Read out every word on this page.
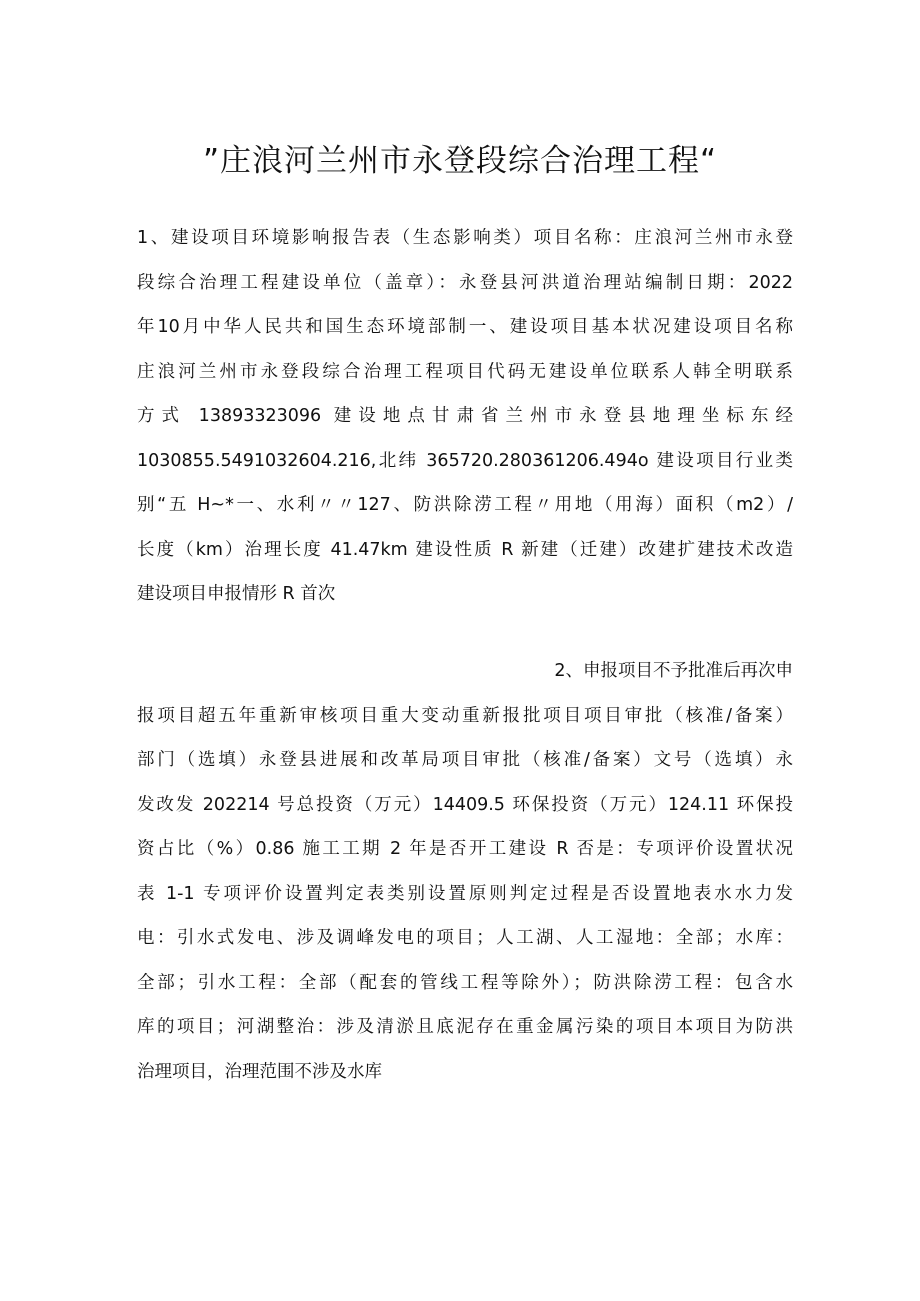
”庄浪河兰州市永登段综合治理工程“
1、建设项目环境影响报告表（生态影响类）项目名称：庄浪河兰州市永登
段综合治理工程建设单位（盖章）：永登县河洪道治理站编制日期：2022
年10月中华人民共和国生态环境部制一、建设项目基本状况建设项目名称
庄浪河兰州市永登段综合治理工程项目代码无建设单位联系人韩全明联系
方式 13893323096 建设地点甘肃省兰州市永登县地理坐标东经
1030855.5491032604.216,北纬 365720.280361206.494o 建设项目行业类
别“五 H~*一、水利〃〃127、防洪除涝工程〃用地（用海）面积（m2）/
长度（km）治理长度 41.47km 建设性质 R 新建（迁建）改建扩建技术改造
建设项目申报情形 R 首次
2、申报项目不予批准后再次申
报项目超五年重新审核项目重大变动重新报批项目项目审批（核准/备案）
部门（选填）永登县进展和改革局项目审批（核准/备案）文号（选填）永
发改发 202214 号总投资（万元）14409.5 环保投资（万元）124.11 环保投
资占比（%）0.86 施工工期 2 年是否开工建设 R 否是：专项评价设置状况
表 1-1 专项评价设置判定表类别设置原则判定过程是否设置地表水水力发
电：引水式发电、涉及调峰发电的项目；人工湖、人工湿地：全部；水库：
全部；引水工程：全部（配套的管线工程等除外）；防洪除涝工程：包含水
库的项目；河湖整治：涉及清淤且底泥存在重金属污染的项目本项目为防洪
治理项目，治理范围不涉及水库
